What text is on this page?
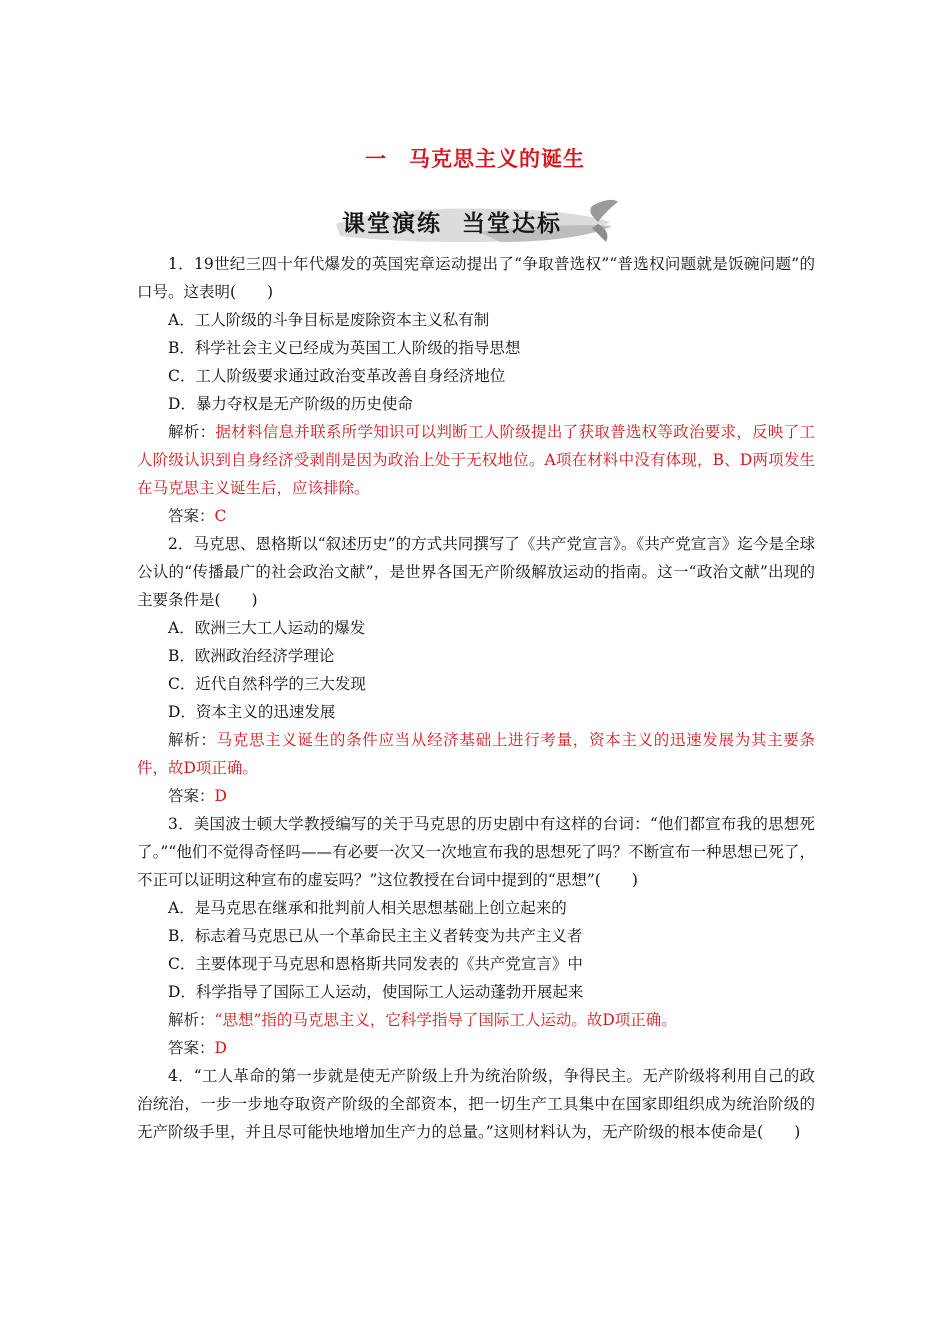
一　马克思主义的诞生
课堂演练  当堂达标

1．19世纪三四十年代爆发的英国宪章运动提出了“争取普选权”“普选权问题就是饭碗问题”的口号。这表明(　　)

A．工人阶级的斗争目标是废除资本主义私有制

B．科学社会主义已经成为英国工人阶级的指导思想

C．工人阶级要求通过政治变革改善自身经济地位

D．暴力夺权是无产阶级的历史使命

解析：据材料信息并联系所学知识可以判断工人阶级提出了获取普选权等政治要求，反映了工人阶级认识到自身经济受剥削是因为政治上处于无权地位。A项在材料中没有体现，B、D两项发生在马克思主义诞生后，应该排除。

答案：C

2．马克思、恩格斯以“叙述历史”的方式共同撰写了《共产党宣言》。《共产党宣言》迄今是全球公认的“传播最广的社会政治文献”，是世界各国无产阶级解放运动的指南。这一“政治文献”出现的主要条件是(　　)

A．欧洲三大工人运动的爆发

B．欧洲政治经济学理论

C．近代自然科学的三大发现

D．资本主义的迅速发展

解析：马克思主义诞生的条件应当从经济基础上进行考量，资本主义的迅速发展为其主要条件，故D项正确。

答案：D

3．美国波士顿大学教授编写的关于马克思的历史剧中有这样的台词：“他们都宣布我的思想死了。”“他们不觉得奇怪吗——有必要一次又一次地宣布我的思想死了吗？不断宣布一种思想已死了，不正可以证明这种宣布的虚妄吗？”这位教授在台词中提到的“思想”(　　)

A．是马克思在继承和批判前人相关思想基础上创立起来的

B．标志着马克思已从一个革命民主主义者转变为共产主义者

C．主要体现于马克思和恩格斯共同发表的《共产党宣言》中

D．科学指导了国际工人运动，使国际工人运动蓬勃开展起来

解析：“思想”指的马克思主义，它科学指导了国际工人运动。故D项正确。

答案：D

4．“工人革命的第一步就是使无产阶级上升为统治阶级，争得民主。无产阶级将利用自己的政治统治，一步一步地夺取资产阶级的全部资本，把一切生产工具集中在国家即组织成为统治阶级的无产阶级手里，并且尽可能快地增加生产力的总量。”这则材料认为，无产阶级的根本使命是(　　)
